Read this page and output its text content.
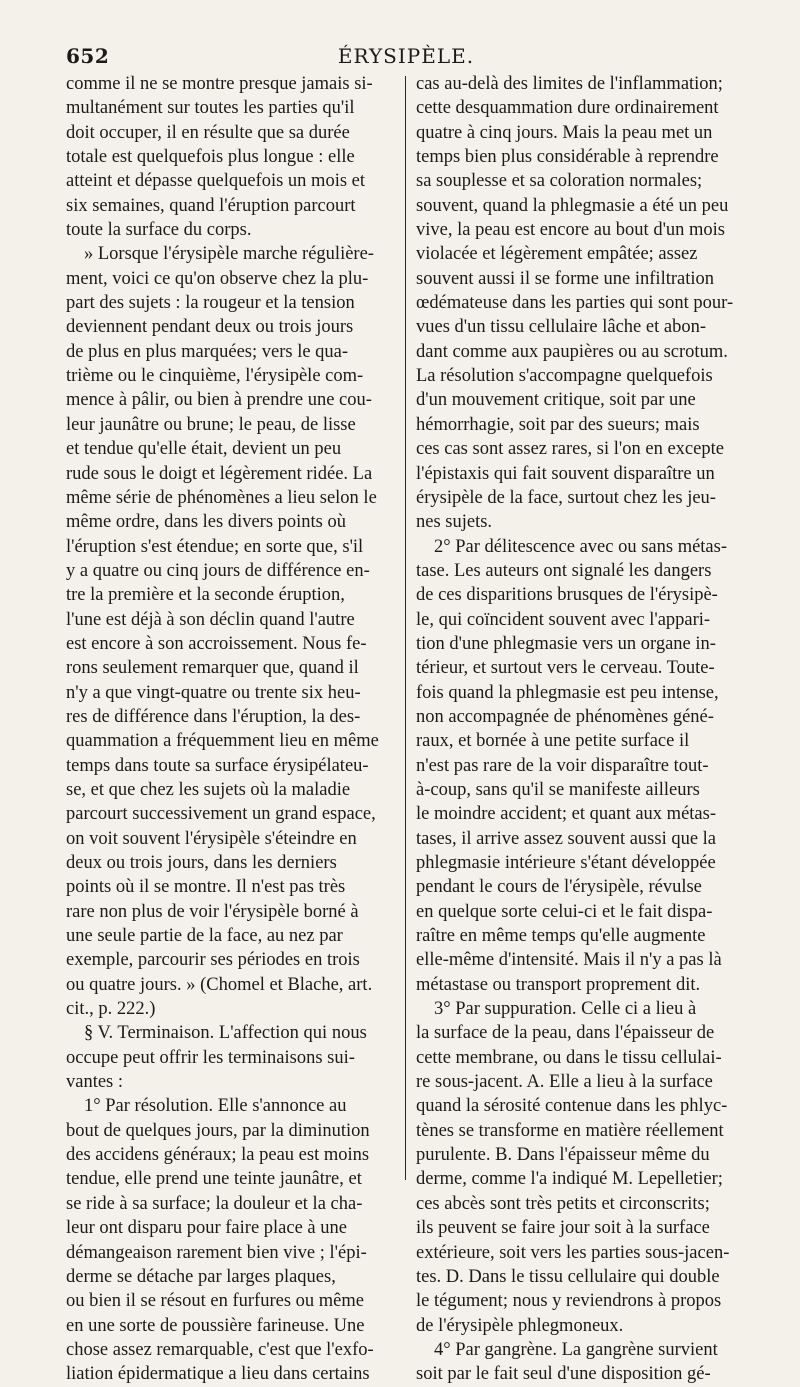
652	ÉRYSIPÈLE.
comme il ne se montre presque jamais si-
multanément sur toutes les parties qu'il
doit occuper, il en résulte que sa durée
totale est quelquefois plus longue : elle
atteint et dépasse quelquefois un mois et
six semaines, quand l'éruption parcourt
toute la surface du corps.
» Lorsque l'érysipèle marche régulière-
ment, voici ce qu'on observe chez la plu-
part des sujets : la rougeur et la tension
deviennent pendant deux ou trois jours
de plus en plus marquées; vers le qua-
trième ou le cinquième, l'érysipèle com-
mence à pâlir, ou bien à prendre une cou-
leur jaunâtre ou brune; le peau, de lisse
et tendue qu'elle était, devient un peu
rude sous le doigt et légèrement ridée. La
même série de phénomènes a lieu selon le
même ordre, dans les divers points où
l'éruption s'est étendue; en sorte que, s'il
y a quatre ou cinq jours de différence en-
tre la première et la seconde éruption,
l'une est déjà à son déclin quand l'autre
est encore à son accroissement. Nous fe-
rons seulement remarquer que, quand il
n'y a que vingt-quatre ou trente six heu-
res de différence dans l'éruption, la des-
quammation a fréquemment lieu en même
temps dans toute sa surface érysipélateu-
se, et que chez les sujets où la maladie
parcourt successivement un grand espace,
on voit souvent l'érysipèle s'éteindre en
deux ou trois jours, dans les derniers
points où il se montre. Il n'est pas très
rare non plus de voir l'érysipèle borné à
une seule partie de la face, au nez par
exemple, parcourir ses périodes en trois
ou quatre jours. » (Chomel et Blache, art.
cit., p. 222.)
§ V. Terminaison. L'affection qui nous
occupe peut offrir les terminaisons sui-
vantes :
1° Par résolution. Elle s'annonce au
bout de quelques jours, par la diminution
des accidens généraux; la peau est moins
tendue, elle prend une teinte jaunâtre, et
se ride à sa surface; la douleur et la cha-
leur ont disparu pour faire place à une
démangeaison rarement bien vive ; l'épi-
derme se détache par larges plaques,
ou bien il se résout en furfures ou même
en une sorte de poussière farineuse. Une
chose assez remarquable, c'est que l'exfo-
liation épidermatique a lieu dans certains
cas au-delà des limites de l'inflammation;
cette desquammation dure ordinairement
quatre à cinq jours. Mais la peau met un
temps bien plus considérable à reprendre
sa souplesse et sa coloration normales;
souvent, quand la phlegmasie a été un peu
vive, la peau est encore au bout d'un mois
violacée et légèrement empâtée; assez
souvent aussi il se forme une infiltration
œdémateuse dans les parties qui sont pour-
vues d'un tissu cellulaire lâche et abon-
dant comme aux paupières ou au scrotum.
La résolution s'accompagne quelquefois
d'un mouvement critique, soit par une
hémorrhagie, soit par des sueurs; mais
ces cas sont assez rares, si l'on en excepte
l'épistaxis qui fait souvent disparaître un
érysipèle de la face, surtout chez les jeu-
nes sujets.
2° Par délitescence avec ou sans métas-
tase. Les auteurs ont signalé les dangers
de ces disparitions brusques de l'érysipè-
le, qui coïncident souvent avec l'appari-
tion d'une phlegmasie vers un organe in-
térieur, et surtout vers le cerveau. Toute-
fois quand la phlegmasie est peu intense,
non accompagnée de phénomènes géné-
raux, et bornée à une petite surface il
n'est pas rare de la voir disparaître tout-
à-coup, sans qu'il se manifeste ailleurs
le moindre accident; et quant aux métas-
tases, il arrive assez souvent aussi que la
phlegmasie intérieure s'étant développée
pendant le cours de l'érysipèle, révulse
en quelque sorte celui-ci et le fait dispa-
raître en même temps qu'elle augmente
elle-même d'intensité. Mais il n'y a pas là
métastase ou transport proprement dit.
3° Par suppuration. Celle ci a lieu à
la surface de la peau, dans l'épaisseur de
cette membrane, ou dans le tissu cellulai-
re sous-jacent. A. Elle a lieu à la surface
quand la sérosité contenue dans les phlyc-
tènes se transforme en matière réellement
purulente. B. Dans l'épaisseur même du
derme, comme l'a indiqué M. Lepelletier;
ces abcès sont très petits et circonscrits;
ils peuvent se faire jour soit à la surface
extérieure, soit vers les parties sous-jacen-
tes. D. Dans le tissu cellulaire qui double
le tégument; nous y reviendrons à propos
de l'érysipèle phlegmoneux.
4° Par gangrène. La gangrène survient
soit par le fait seul d'une disposition gé-
